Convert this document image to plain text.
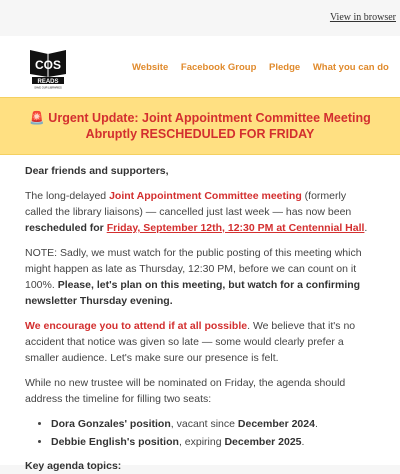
View in browser
COS
READS
SAVE OUR LIBRARIES
Website Facebook Group Pledge What you can do
🚨 Urgent Update: Joint Appointment Committee Meeting
Abruptly RESCHEDULED FOR FRIDAY

Dear friends and supporters,

The long-delayed Joint Appointment Committee meeting (formerly called the library liaisons) — cancelled just last week — has now been rescheduled for Friday, September 12th, 12:30 PM at Centennial Hall.

NOTE: Sadly, we must watch for the public posting of this meeting which might happen as late as Thursday, 12:30 PM, before we can count on it 100%. Please, let's plan on this meeting, but watch for a confirming newsletter Thursday evening.

We encourage you to attend if at all possible. We believe that it's no accident that notice was given so late — some would clearly prefer a smaller audience. Let's make sure our presence is felt.

While no new trustee will be nominated on Friday, the agenda should address the timeline for filling two seats:

• Dora Gonzales' position, vacant since December 2024.
• Debbie English's position, expiring December 2025.

Key agenda topics:
